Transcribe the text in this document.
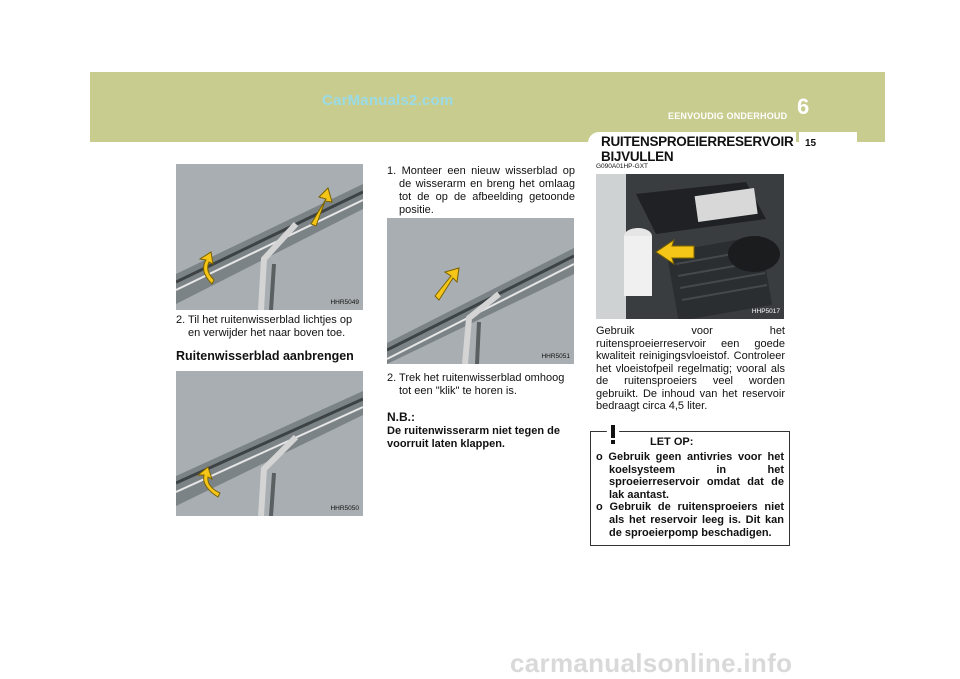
CarManuals2.com
EENVOUDIG ONDERHOUD 6
15
RUITENSPROEIERRESERVOIR
BIJVULLEN
HHR5049
2. Til het ruitenwisserblad lichtjes op en verwijder het naar boven toe.
Ruitenwisserblad aanbrengen
HHR5050
1. Monteer een nieuw wisserblad op de wisserarm en breng het omlaag tot de op de afbeelding getoonde positie.
HHR5051
2. Trek het ruitenwisserblad omhoog tot een "klik" te horen is.
N.B.:
De ruitenwisserarm niet tegen de voorruit laten klappen.
G090A01HP-GXT
HHP5017
Gebruik voor het ruitensproeierreservoir een goede kwaliteit reinigingsvloeistof. Controleer het vloeistofpeil regelmatig; vooral als de ruitensproeiers veel worden gebruikt. De inhoud van het reservoir bedraagt circa 4,5 liter.
LET OP:
o Gebruik geen antivries voor het koelsysteem in het sproeierreservoir omdat dat de lak aantast.
o Gebruik de ruitensproeiers niet als het reservoir leeg is. Dit kan de sproeierpomp beschadigen.
carmanualsonline.info
